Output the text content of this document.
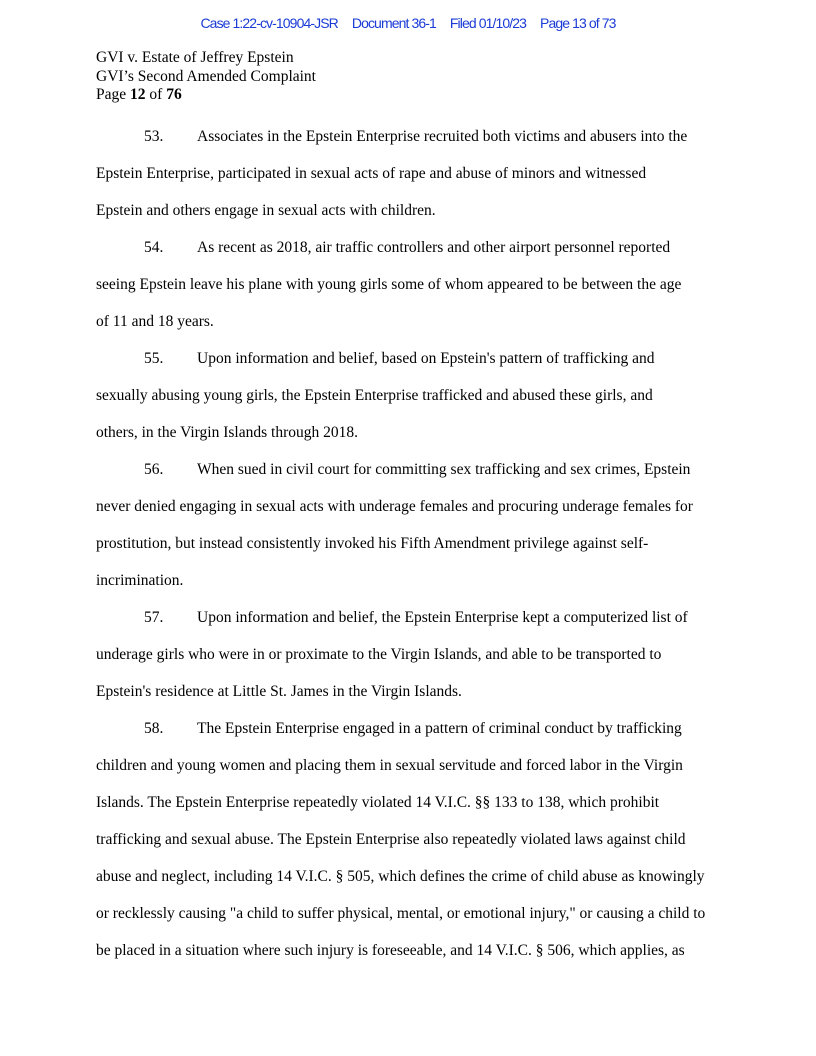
Case 1:22-cv-10904-JSR Document 36-1 Filed 01/10/23 Page 13 of 73
GVI v. Estate of Jeffrey Epstein
GVI’s Second Amended Complaint
Page 12 of 76
53. Associates in the Epstein Enterprise recruited both victims and abusers into the
Epstein Enterprise, participated in sexual acts of rape and abuse of minors and witnessed
Epstein and others engage in sexual acts with children.
54. As recent as 2018, air traffic controllers and other airport personnel reported
seeing Epstein leave his plane with young girls some of whom appeared to be between the age
of 11 and 18 years.
55. Upon information and belief, based on Epstein's pattern of trafficking and
sexually abusing young girls, the Epstein Enterprise trafficked and abused these girls, and
others, in the Virgin Islands through 2018.
56. When sued in civil court for committing sex trafficking and sex crimes, Epstein
never denied engaging in sexual acts with underage females and procuring underage females for
prostitution, but instead consistently invoked his Fifth Amendment privilege against self-
incrimination.
57. Upon information and belief, the Epstein Enterprise kept a computerized list of
underage girls who were in or proximate to the Virgin Islands, and able to be transported to
Epstein's residence at Little St. James in the Virgin Islands.
58. The Epstein Enterprise engaged in a pattern of criminal conduct by trafficking
children and young women and placing them in sexual servitude and forced labor in the Virgin
Islands. The Epstein Enterprise repeatedly violated 14 V.I.C. §§ 133 to 138, which prohibit
trafficking and sexual abuse. The Epstein Enterprise also repeatedly violated laws against child
abuse and neglect, including 14 V.I.C. § 505, which defines the crime of child abuse as knowingly
or recklessly causing "a child to suffer physical, mental, or emotional injury," or causing a child to
be placed in a situation where such injury is foreseeable, and 14 V.I.C. § 506, which applies, as
